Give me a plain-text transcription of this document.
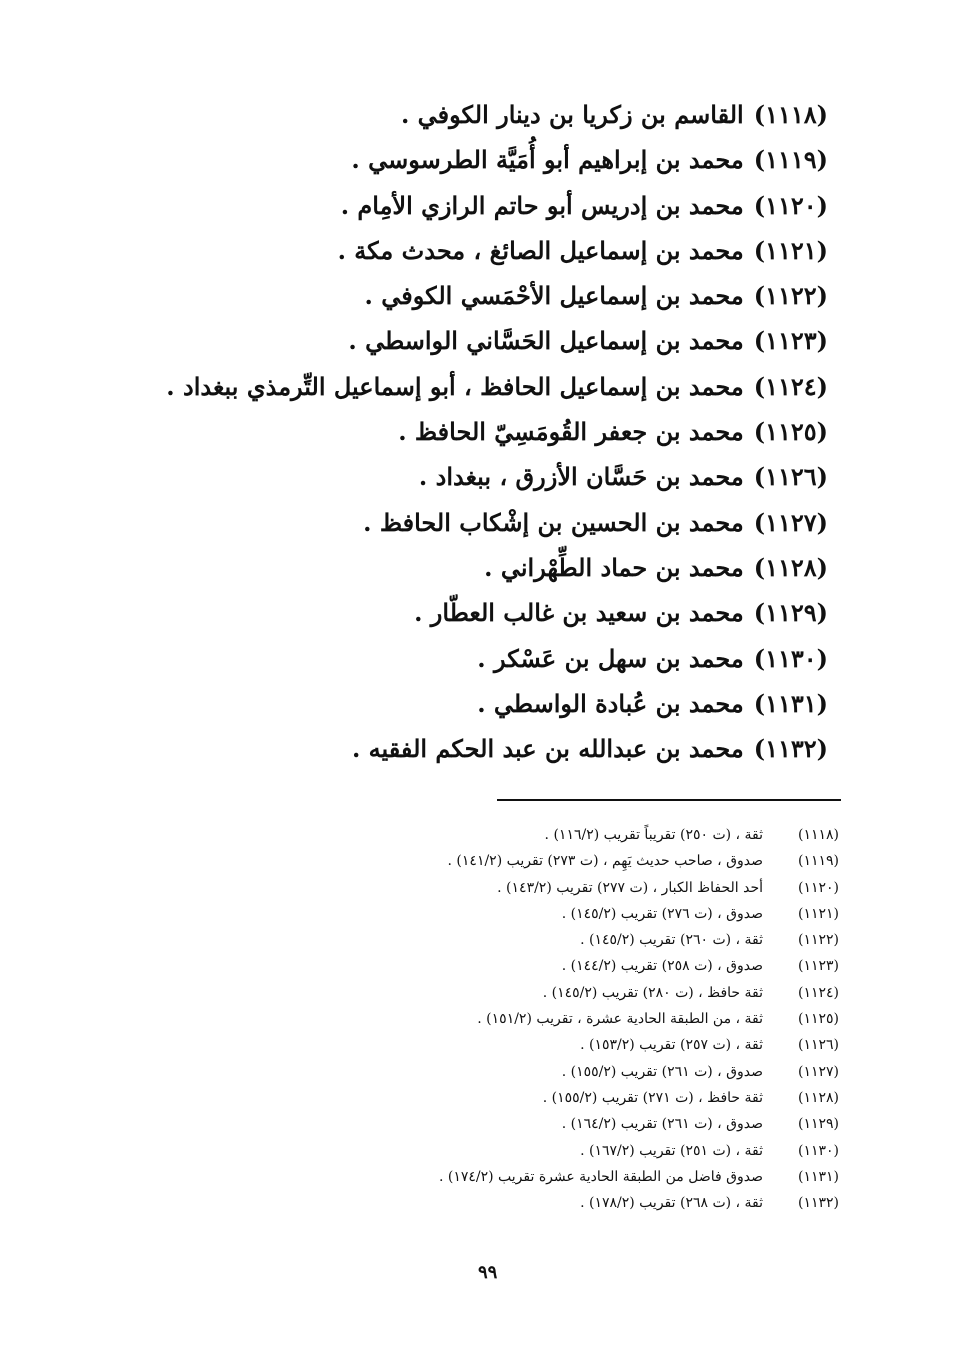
(١١١٨)القاسم بن زكريا بن دينار الكوفي .
(١١١٩)محمد بن إبراهيم أبو أُمَيَّة الطرسوسي .
(١١٢٠)محمد بن إدريس أبو حاتم الرازي الأمِام .
(١١٢١)محمد بن إسماعيل الصائغ ، محدث مكة .
(١١٢٢)محمد بن إسماعيل الأحْمَسي الكوفي .
(١١٢٣)محمد بن إسماعيل الحَسَّاني الواسطي .
(١١٢٤)محمد بن إسماعيل الحافظ ، أبو إسماعيل التِّرمذي ببغداد .
(١١٢٥)محمد بن جعفر القُومَسِيّ الحافظ .
(١١٢٦)محمد بن حَسَّان الأزرق ، ببغداد .
(١١٢٧)محمد بن الحسين بن إشْكاب الحافظ .
(١١٢٨)محمد بن حماد الطِّهْراني .
(١١٢٩)محمد بن سعيد بن غالب العطّار .
(١١٣٠)محمد بن سهل بن عَسْكر .
(١١٣١)محمد بن عُبادة الواسطي .
(١١٣٢)محمد بن عبدالله بن عبد الحكم الفقيه .
(١١١٨)ثقة ، (ت ٢٥٠) تقريباً تقريب (١١٦/٢) .
(١١١٩)صدوق ، صاحب حديث يَهِم ، (ت ٢٧٣) تقريب (١٤١/٢) .
(١١٢٠)أحد الحفاظ الكبار ، (ت ٢٧٧) تقريب (١٤٣/٢) .
(١١٢١)صدوق ، (ت ٢٧٦) تقريب (١٤٥/٢) .
(١١٢٢)ثقة ، (ت ٢٦٠) تقريب (١٤٥/٢) .
(١١٢٣)صدوق ، (ت ٢٥٨) تقريب (١٤٤/٢) .
(١١٢٤)ثقة حافظ ، (ت ٢٨٠) تقريب (١٤٥/٢) .
(١١٢٥)ثقة ، من الطبقة الحادية عشرة ، تقريب (١٥١/٢) .
(١١٢٦)ثقة ، (ت ٢٥٧) تقريب (١٥٣/٢) .
(١١٢٧)صدوق ، (ت ٢٦١) تقريب (١٥٥/٢) .
(١١٢٨)ثقة حافظ ، (ت ٢٧١) تقريب (١٥٥/٢) .
(١١٢٩)صدوق ، (ت ٢٦١) تقريب (١٦٤/٢) .
(١١٣٠)ثقة ، (ت ٢٥١) تقريب (١٦٧/٢) .
(١١٣١)صدوق فاضل من الطبقة الحادية عشرة تقريب (١٧٤/٢) .
(١١٣٢)ثقة ، (ت ٢٦٨) تقريب (١٧٨/٢) .
٩٩
